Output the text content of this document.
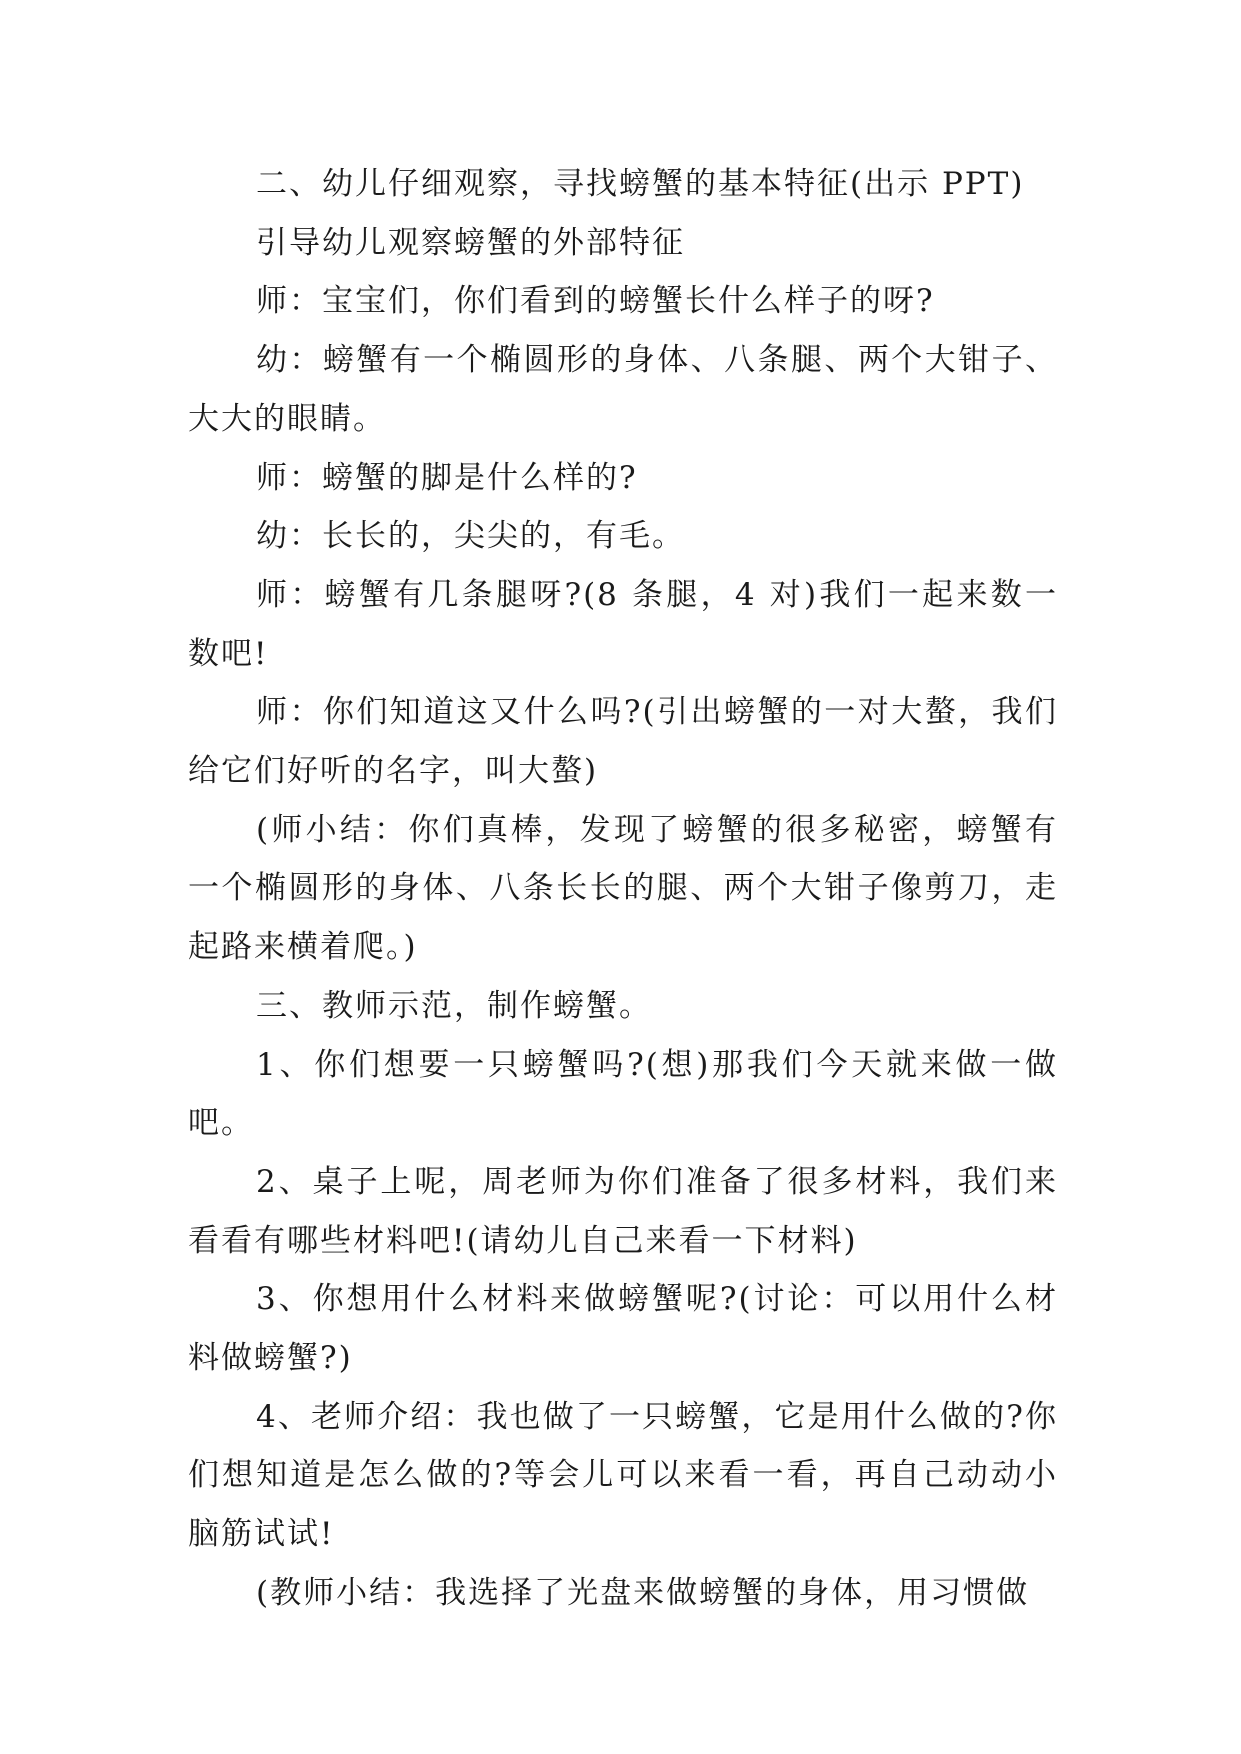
二、幼儿仔细观察，寻找螃蟹的基本特征(出示 PPT)

引导幼儿观察螃蟹的外部特征

师：宝宝们，你们看到的螃蟹长什么样子的呀?

幼：螃蟹有一个椭圆形的身体、八条腿、两个大钳子、大大的眼睛。

师：螃蟹的脚是什么样的?

幼：长长的，尖尖的，有毛。

师：螃蟹有几条腿呀?(8 条腿，4 对)我们一起来数一数吧!

师：你们知道这又什么吗?(引出螃蟹的一对大螯，我们给它们好听的名字，叫大螯)

(师小结：你们真棒，发现了螃蟹的很多秘密，螃蟹有一个椭圆形的身体、八条长长的腿、两个大钳子像剪刀，走起路来横着爬。)

三、教师示范，制作螃蟹。

1、你们想要一只螃蟹吗?(想)那我们今天就来做一做吧。

2、桌子上呢，周老师为你们准备了很多材料，我们来看看有哪些材料吧!(请幼儿自己来看一下材料)

3、你想用什么材料来做螃蟹呢?(讨论：可以用什么材料做螃蟹?)

4、老师介绍：我也做了一只螃蟹，它是用什么做的?你们想知道是怎么做的?等会儿可以来看一看，再自己动动小脑筋试试!

(教师小结：我选择了光盘来做螃蟹的身体，用习惯做
